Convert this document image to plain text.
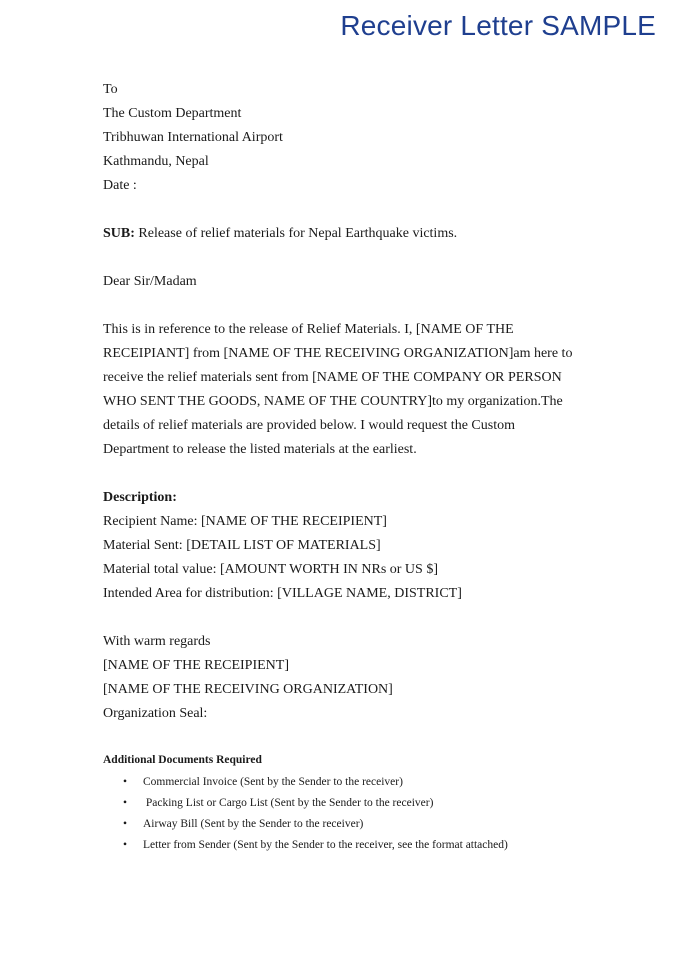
Receiver Letter SAMPLE
To
The Custom Department
Tribhuwan International Airport
Kathmandu, Nepal
Date :
SUB: Release of relief materials for Nepal Earthquake victims.
Dear Sir/Madam
This is in reference to the release of Relief Materials. I, [NAME OF THE
RECEIPIANT] from [NAME OF THE RECEIVING ORGANIZATION]am here to
receive the relief materials sent from [NAME OF THE COMPANY OR PERSON
WHO SENT THE GOODS, NAME OF THE COUNTRY]to my organization.The
details of relief materials are provided below. I would request the Custom
Department to release the listed materials at the earliest.
Description:
Recipient Name: [NAME OF THE RECEIPIENT]
Material Sent: [DETAIL LIST OF MATERIALS]
Material total value: [AMOUNT WORTH IN NRs or US $]
Intended Area for distribution: [VILLAGE NAME, DISTRICT]
With warm regards
[NAME OF THE RECEIPIENT]
[NAME OF THE RECEIVING ORGANIZATION]
Organization Seal:
Additional Documents Required
• Commercial Invoice (Sent by the Sender to the receiver)
• Packing List or Cargo List (Sent by the Sender to the receiver)
• Airway Bill (Sent by the Sender to the receiver)
• Letter from Sender (Sent by the Sender to the receiver, see the format attached)
